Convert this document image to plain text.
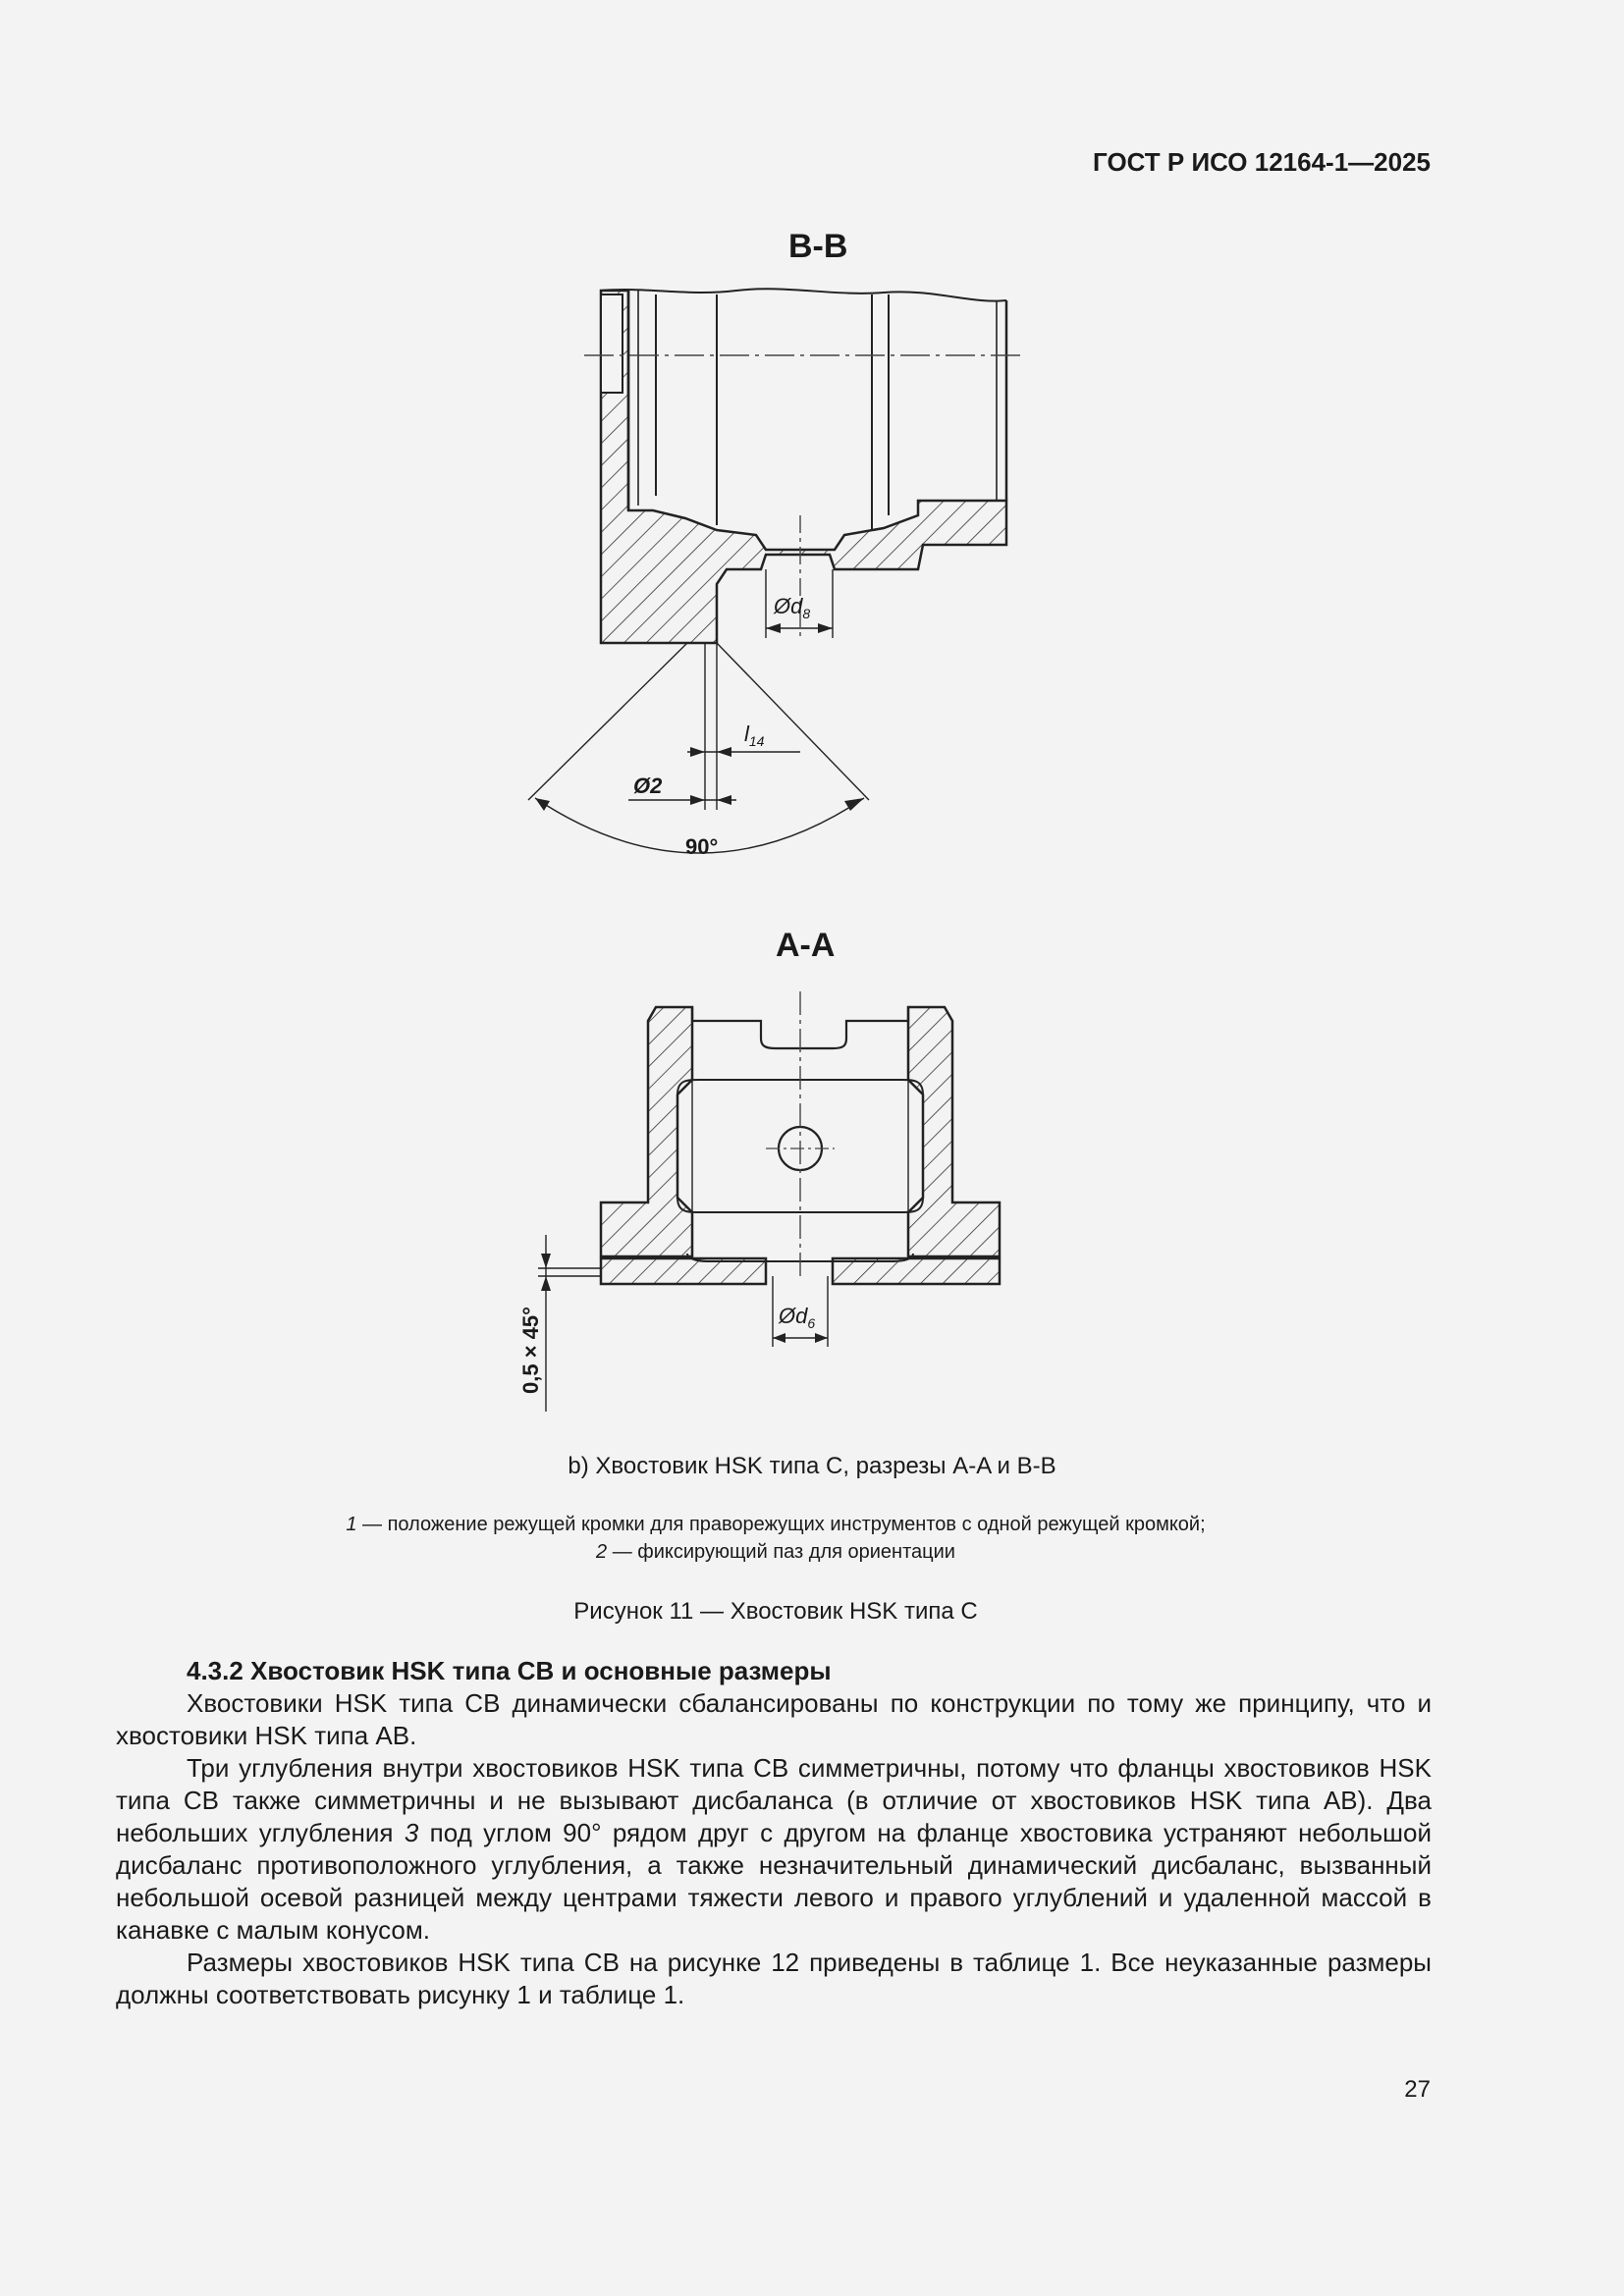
ГОСТ Р ИСО 12164-1—2025
B-B
$Ød_8$
90°
$l_{14}$
Ø2
A-A
$Ød_6$
0,5 × 45°
b) Хвостовик HSK типа C, разрезы A-A и B-B
1 — положение режущей кромки для праворежущих инструментов с одной режущей кромкой;
2 — фиксирующий паз для ориентации
Рисунок 11 — Хвостовик HSK типа C
4.3.2 Хвостовик HSK типа CB и основные размеры

Хвостовики HSK типа CB динамически сбалансированы по конструкции по тому же принципу, что и хвостовики HSK типа AB.

Три углубления внутри хвостовиков HSK типа CB симметричны, потому что фланцы хвостовиков HSK типа CB также симметричны и не вызывают дисбаланса (в отличие от хвостовиков HSK типа AB). Два небольших углубления 3 под углом 90° рядом друг с другом на фланце хвостовика устраняют небольшой дисбаланс противоположного углубления, а также незначительный динамический дисбаланс, вызванный небольшой осевой разницей между центрами тяжести левого и правого углублений и удаленной массой в канавке с малым конусом.

Размеры хвостовиков HSK типа CB на рисунке 12 приведены в таблице 1. Все неуказанные размеры должны соответствовать рисунку 1 и таблице 1.

27
